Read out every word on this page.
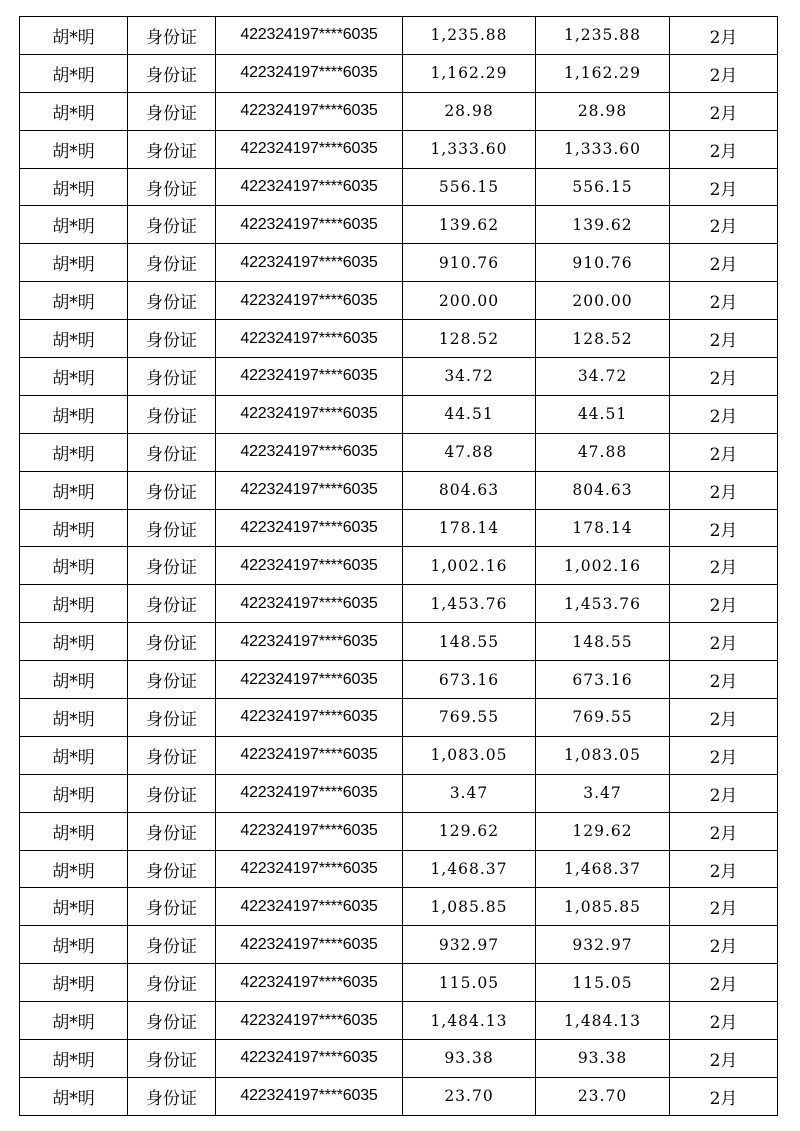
胡*明	身份证	422324197****6035	1,235.88	1,235.88	2月
胡*明	身份证	422324197****6035	1,162.29	1,162.29	2月
胡*明	身份证	422324197****6035	28.98	28.98	2月
胡*明	身份证	422324197****6035	1,333.60	1,333.60	2月
胡*明	身份证	422324197****6035	556.15	556.15	2月
胡*明	身份证	422324197****6035	139.62	139.62	2月
胡*明	身份证	422324197****6035	910.76	910.76	2月
胡*明	身份证	422324197****6035	200.00	200.00	2月
胡*明	身份证	422324197****6035	128.52	128.52	2月
胡*明	身份证	422324197****6035	34.72	34.72	2月
胡*明	身份证	422324197****6035	44.51	44.51	2月
胡*明	身份证	422324197****6035	47.88	47.88	2月
胡*明	身份证	422324197****6035	804.63	804.63	2月
胡*明	身份证	422324197****6035	178.14	178.14	2月
胡*明	身份证	422324197****6035	1,002.16	1,002.16	2月
胡*明	身份证	422324197****6035	1,453.76	1,453.76	2月
胡*明	身份证	422324197****6035	148.55	148.55	2月
胡*明	身份证	422324197****6035	673.16	673.16	2月
胡*明	身份证	422324197****6035	769.55	769.55	2月
胡*明	身份证	422324197****6035	1,083.05	1,083.05	2月
胡*明	身份证	422324197****6035	3.47	3.47	2月
胡*明	身份证	422324197****6035	129.62	129.62	2月
胡*明	身份证	422324197****6035	1,468.37	1,468.37	2月
胡*明	身份证	422324197****6035	1,085.85	1,085.85	2月
胡*明	身份证	422324197****6035	932.97	932.97	2月
胡*明	身份证	422324197****6035	115.05	115.05	2月
胡*明	身份证	422324197****6035	1,484.13	1,484.13	2月
胡*明	身份证	422324197****6035	93.38	93.38	2月
胡*明	身份证	422324197****6035	23.70	23.70	2月
